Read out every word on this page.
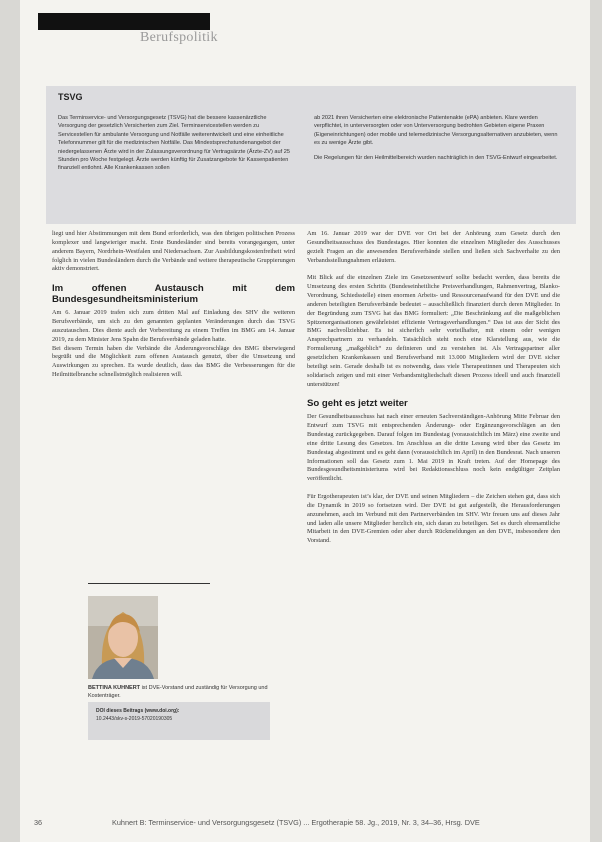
Berufspolitik
TSVG

Das Terminservice- und Versorgungsgesetz (TSVG) hat die bessere kassenärztliche Versorgung der gesetzlich Versicherten zum Ziel. Terminservicestellen werden zu Servicestellen für ambulante Versorgung und Notfälle weiterentwickelt und eine einheitliche Telefonnummer gilt für die medizinischen Notfälle. Das Mindestsprechstundenangebot der niedergelassenen Ärzte wird in der Zulassungsverordnung für Vertragsärzte (Ärzte-ZV) auf 25 Stunden pro Woche festgelegt. Ärzte werden künftig für Zusatzangebote für Kassenpatienten finanziell entlohnt. Alle Krankenkassen sollen

ab 2021 ihren Versicherten eine elektronische Patientenakte (ePA) anbieten. Klare werden verpflichtet, in unterversorgten oder von Unterversorgung bedrohten Gebieten eigene Praxen (Eigeneinrichtungen) oder mobile und telemedizinische Versorgungsalternativen anzubieten, wenn es zu wenige Ärzte gibt.

Die Regelungen für den Heilmittelbereich wurden nachträglich in den TSVG-Entwurf eingearbeitet.

liegt und hier Abstimmungen mit dem Bund erforderlich, was den übrigen politischen Prozess komplexer und langwieriger macht. Erste Bundesländer sind bereits vorangegangen, unter anderem Bayern, Nordrhein-Westfalen und Niedersachsen. Zur Ausbildungskostenfreiheit wird folglich in vielen Bundesländern durch die Verbände und weitere therapeutische Gruppierungen aktiv demonstriert.

Im offenen Austausch mit dem Bundesgesundheitsministerium

Am 6. Januar 2019 trafen sich zum dritten Mal auf Einladung des SHV die weiteren Berufsverbände, um sich zu den genannten geplanten Veränderungen durch das TSVG auszutauschen. Dies diente auch der Vorbereitung zu einem Treffen im BMG am 14. Januar 2019, zu dem Minister Jens Spahn die Berufsverbände geladen hatte.

Bei diesem Termin haben die Verbände die Änderungsvorschläge des BMG überwiegend begrüßt und die Möglichkeit zum offenen Austausch genutzt, über die Umsetzung und Auswirkungen zu sprechen. Es wurde deutlich, dass das BMG die Verbesserungen für die Heilmittelbranche schnellstmöglich realisieren will.

BETTINA KUHNERT ist DVE-Vorstand und zuständig für Versorgung und Kostenträger.
DOI dieses Beitrags (www.doi.org):
10.2443/skv-s-2019-57020190305

Am 16. Januar 2019 war der DVE vor Ort bei der Anhörung zum Gesetz durch den Gesundheitsausschuss des Bundestages. Hier konnten die einzelnen Mitglieder des Ausschusses gezielt Fragen an die anwesenden Berufsverbände stellen und ließen sich Sachverhalte zu den Verbandsstellungnahmen erläutern.

Mit Blick auf die einzelnen Ziele im Gesetzesentwurf sollte bedacht werden, dass bereits die Umsetzung des ersten Schritts (Bundeseinheitliche Preisverhandlungen, Rahmenvertrag, Blanko-Verordnung, Schiedsstelle) einen enormen Arbeits- und Ressourcenaufwand für den DVE und die anderen beteiligten Berufsverbände bedeutet – ausschließlich finanziert durch deren Mitglieder. In der Begründung zum TSVG hat das BMG formuliert: „Die Beschränkung auf die maßgeblichen Spitzenorganisationen gewährleistet effiziente Vertragsverhandlungen.“ Das ist aus der Sicht des BMG nachvollziehbar. Es ist sicherlich sehr vorteilhafter, mit einem oder wenigen Ansprechpartnern zu verhandeln. Tatsächlich steht noch eine Klarstellung aus, wie die Formulierung „maßgeblich“ zu definieren und zu verstehen ist. Als Vertragspartner aller gesetzlichen Krankenkassen und Berufsverband mit 13.000 Mitgliedern wird der DVE sicher beteiligt sein. Gerade deshalb ist es notwendig, dass viele Therapeutinnen und Therapeuten sich solidarisch zeigen und mit einer Verbandsmitgliedschaft diesen Prozess ideell und auch finanziell unterstützen!

So geht es jetzt weiter

Der Gesundheitsausschuss hat nach einer erneuten Sachverständigen-Anhörung Mitte Februar den Entwurf zum TSVG mit entsprechenden Änderungs- oder Ergänzungsvorschlägen an den Bundestag zurückgegeben. Darauf folgen im Bundestag (voraussichtlich im März) eine zweite und eine dritte Lesung des Gesetzes. Im Anschluss an die dritte Lesung wird über das Gesetz im Bundestag abgestimmt und es geht dann (voraussichtlich im April) in den Bundesrat. Nach unseren Informationen soll das Gesetz zum 1. Mai 2019 in Kraft treten. Auf der Homepage des Bundesgesundheitsministeriums wird bei Redaktionsschluss noch kein endgültiger Zeitplan veröffentlicht.

Für Ergotherapeuten ist’s klar, der DVE und seinen Mitgliedern – die Zeichen stehen gut, dass sich die Dynamik in 2019 so fortsetzen wird. Der DVE ist gut aufgestellt, die Herausforderungen anzunehmen, auch im Verbund mit den Partnerverbänden im SHV. Wir freuen uns auf dieses Jahr und laden alle unsere Mitglieder herzlich ein, sich daran zu beteiligen. Sei es durch ehrenamtliche Mitarbeit in den DVE-Gremien oder aber durch Rückmeldungen an den DVE, insbesondere den Vorstand.

36	Kuhnert B: Terminservice- und Versorgungsgesetz (TSVG) ... Ergotherapie 58. Jg., 2019, Nr. 3, 34–36, Hrsg. DVE
